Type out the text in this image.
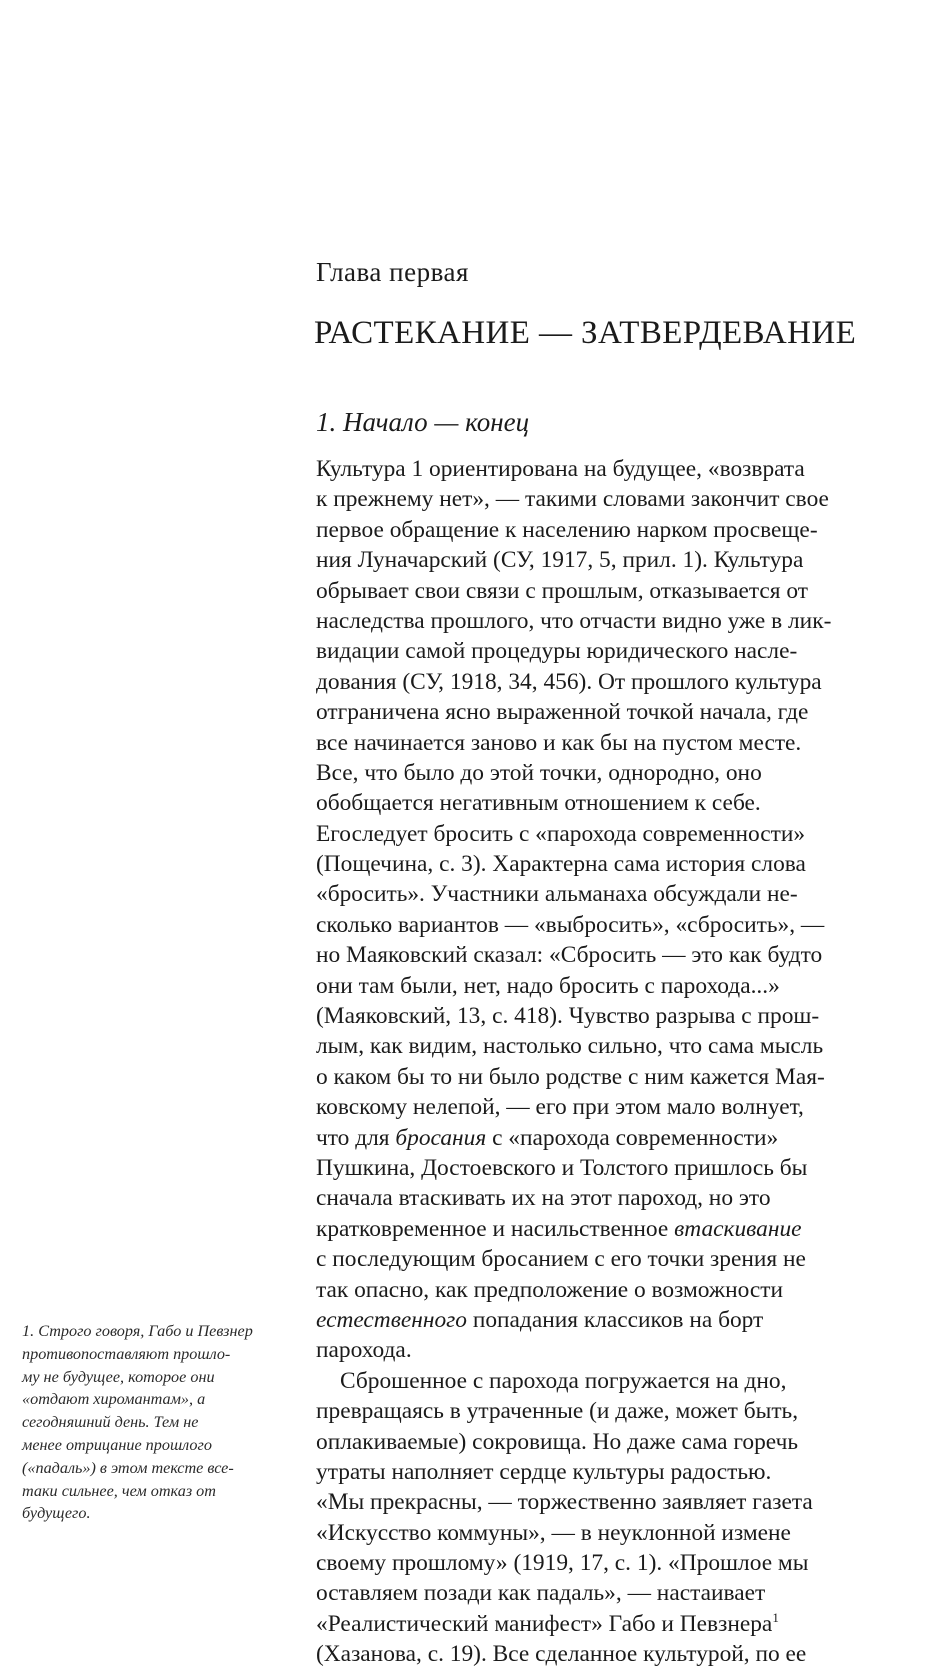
Глава первая
РАСТЕКАНИЕ — ЗАТВЕРДЕВАНИЕ
1. Начало — конец
Культура 1 ориентирована на будущее, «возврата
к прежнему нет», — такими словами закончит свое
первое обращение к населению нарком просвеще-
ния Луначарский (СУ, 1917, 5, прил. 1). Культура
обрывает свои связи с прошлым, отказывается от
наследства прошлого, что отчасти видно уже в лик-
видации самой процедуры юридического насле-
дования (СУ, 1918, 34, 456). От прошлого культура
отграничена ясно выраженной точкой начала, где
все начинается заново и как бы на пустом месте.
Все, что было до этой точки, однородно, оно
обобщается негативным отношением к себе.
Егоследует бросить с «парохода современности»
(Пощечина, с. 3). Характерна сама история слова
«бросить». Участники альманаха обсуждали не-
сколько вариантов — «выбросить», «сбросить», —
но Маяковский сказал: «Сбросить — это как будто
они там были, нет, надо бросить с парохода...»
(Маяковский, 13, с. 418). Чувство разрыва с прош-
лым, как видим, настолько сильно, что сама мысль
о каком бы то ни было родстве с ним кажется Мая-
ковскому нелепой, — его при этом мало волнует,
что для бросания с «парохода современности»
Пушкина, Достоевского и Толстого пришлось бы
сначала втаскивать их на этот пароход, но это
кратковременное и насильственное втаскивание
с последующим бросанием с его точки зрения не
так опасно, как предположение о возможности
естественного попадания классиков на борт
пароходa.
Сброшенное с парохода погружается на дно,
превращаясь в утраченные (и даже, может быть,
оплакиваемые) сокровища. Но даже сама горечь
утраты наполняет сердце культуры радостью.
«Мы прекрасны, — торжественно заявляет газета
«Искусство коммуны», — в неуклонной измене
своему прошлому» (1919, 17, с. 1). «Прошлое мы
оставляем позади как падаль», — настаивает
«Реалистический манифест» Габо и Певзнера$^1$
(Хазанова, с. 19). Все сделанное культурой, по ее
1. Строго говоря, Габо и Певзнер
противопоставляют прошло-
му не будущее, которое они
«отдают хиромантам», а
сегодняшний день. Тем не
менее отрицание прошлого
(«падаль») в этом тексте все-
таки сильнее, чем отказ от
будущего.
